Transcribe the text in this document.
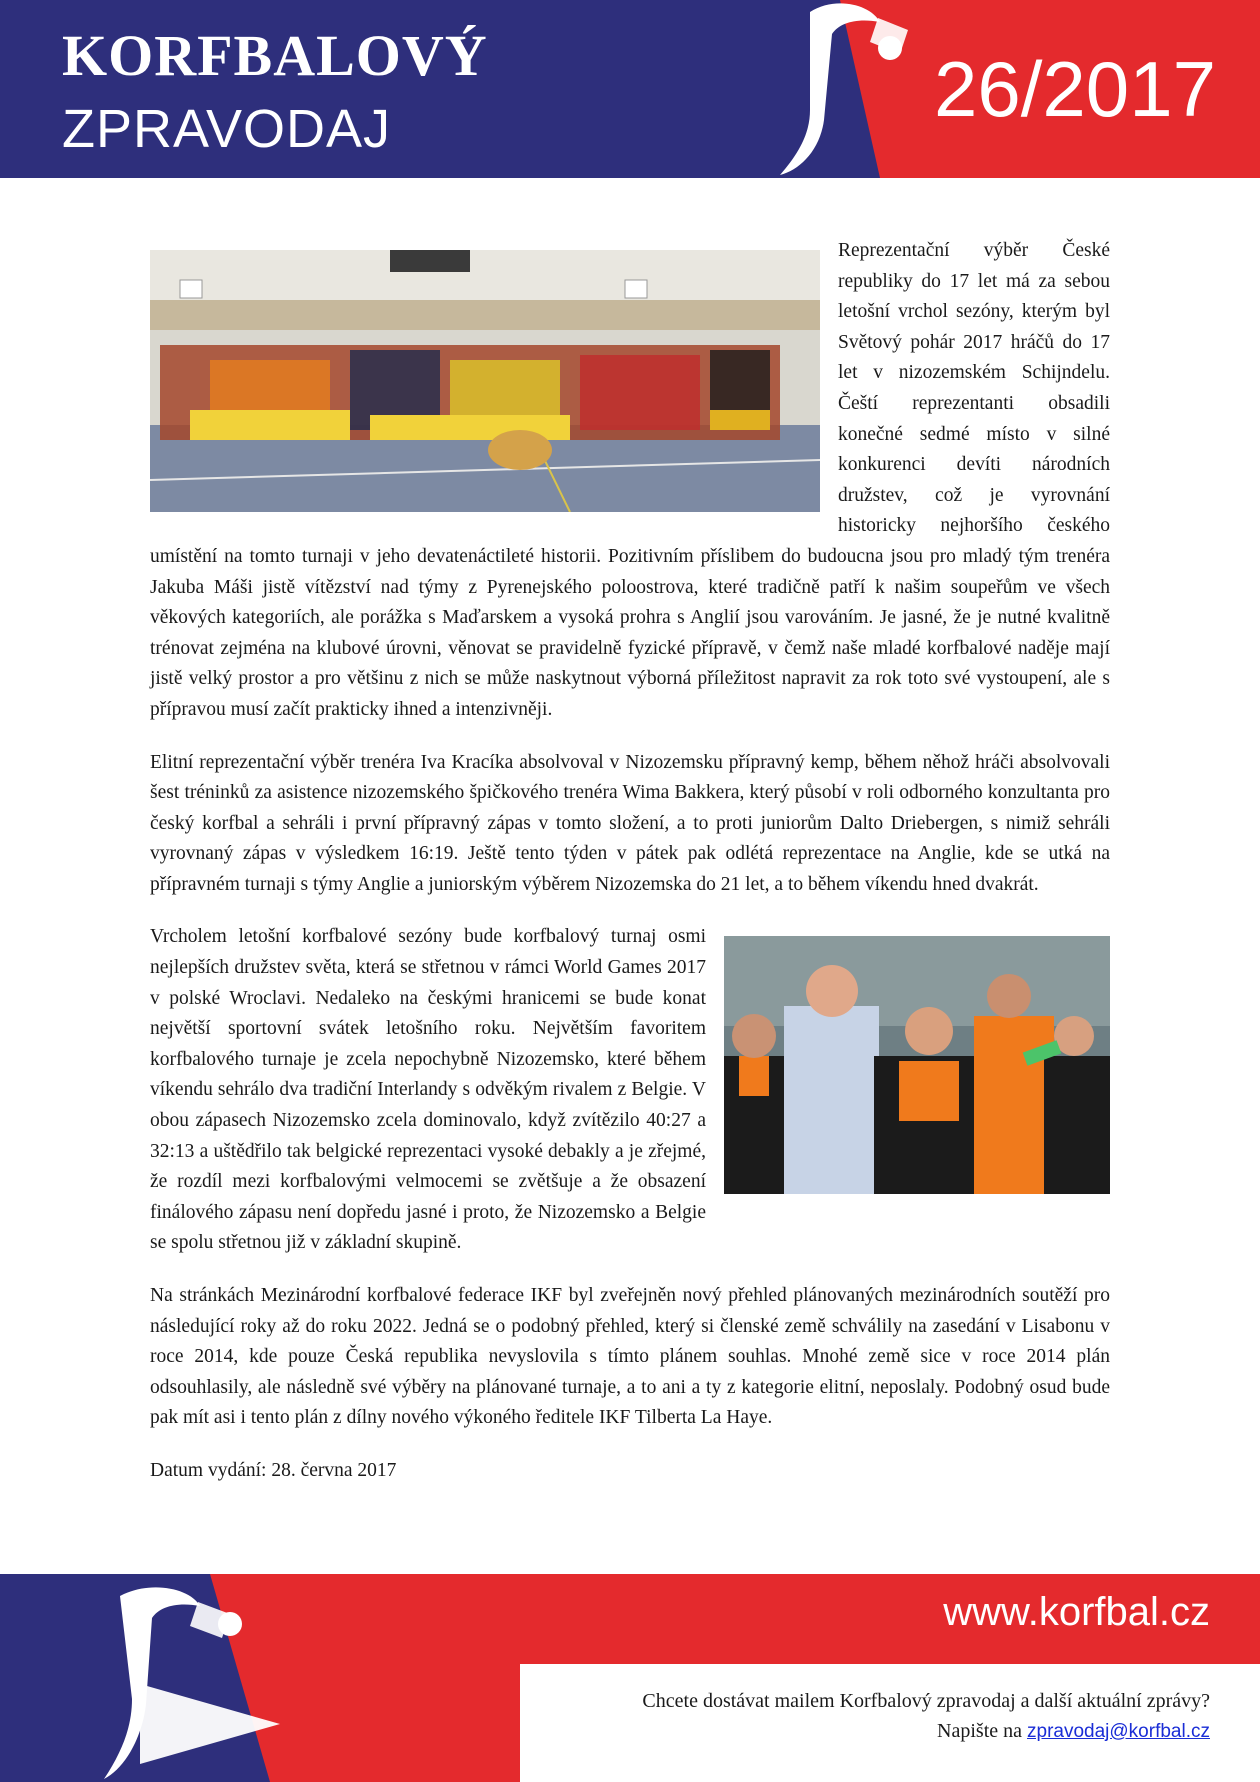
KORFBALOVÝ
ZPRAVODAJ	26/2017

Reprezentační výběr České republiky do 17 let má za sebou letošní vrchol sezóny, kterým byl Světový pohár 2017 hráčů do 17 let v nizozemském Schijndelu. Čeští reprezentanti obsadili konečné sedmé místo v silné konkurenci devíti národních družstev, což je vyrovnání historicky nejhoršího českého umístění na tomto turnaji v jeho devatenáctileté historii. Pozitivním příslibem do budoucna jsou pro mladý tým trenéra Jakuba Máši jistě vítězství nad týmy z Pyrenejského poloostrova, které tradičně patří k našim soupeřům ve všech věkových kategoriích, ale porážka s Maďarskem a vysoká prohra s Anglií jsou varováním. Je jasné, že je nutné kvalitně trénovat zejména na klubové úrovni, věnovat se pravidelně fyzické přípravě, v čemž naše mladé korfbalové naděje mají jistě velký prostor a pro většinu z nich se může naskytnout výborná příležitost napravit za rok toto své vystoupení, ale s přípravou musí začít prakticky ihned a intenzivněji.

Elitní reprezentační výběr trenéra Iva Kracíka absolvoval v Nizozemsku přípravný kemp, během něhož hráči absolvovali šest tréninků za asistence nizozemského špičkového trenéra Wima Bakkera, který působí v roli odborného konzultanta pro český korfbal a sehráli i první přípravný zápas v tomto složení, a to proti juniorům Dalto Driebergen, s nimiž sehráli vyrovnaný zápas v výsledkem 16:19. Ještě tento týden v pátek pak odlétá reprezentace na Anglie, kde se utká na přípravném turnaji s týmy Anglie a juniorským výběrem Nizozemska do 21 let, a to během víkendu hned dvakrát.

Vrcholem letošní korfbalové sezóny bude korfbalový turnaj osmi nejlepších družstev světa, která se střetnou v rámci World Games 2017 v polské Wroclavi. Nedaleko na českými hranicemi se bude konat největší sportovní svátek letošního roku. Největším favoritem korfbalového turnaje je zcela nepochybně Nizozemsko, které během víkendu sehrálo dva tradiční Interlandy s odvěkým rivalem z Belgie. V obou zápasech Nizozemsko zcela dominovalo, když zvítězilo 40:27 a 32:13 a uštědřilo tak belgické reprezentaci vysoké debakly a je zřejmé, že rozdíl mezi korfbalovými velmocemi se zvětšuje a že obsazení finálového zápasu není dopředu jasné i proto, že Nizozemsko a Belgie se spolu střetnou již v základní skupině.

Na stránkách Mezinárodní korfbalové federace IKF byl zveřejněn nový přehled plánovaných mezinárodních soutěží pro následující roky až do roku 2022. Jedná se o podobný přehled, který si členské země schválily na zasedání v Lisabonu v roce 2014, kde pouze Česká republika nevyslovila s tímto plánem souhlas. Mnohé země sice v roce 2014 plán odsouhlasily, ale následně své výběry na plánované turnaje, a to ani a ty z kategorie elitní, neposlaly. Podobný osud bude pak mít asi i tento plán z dílny nového výkoného ředitele IKF Tilberta La Haye.

Datum vydání: 28. června 2017
www.korfbal.cz
Chcete dostávat mailem Korfbalový zpravodaj a další aktuální zprávy?
Napište na zpravodaj@korfbal.cz
